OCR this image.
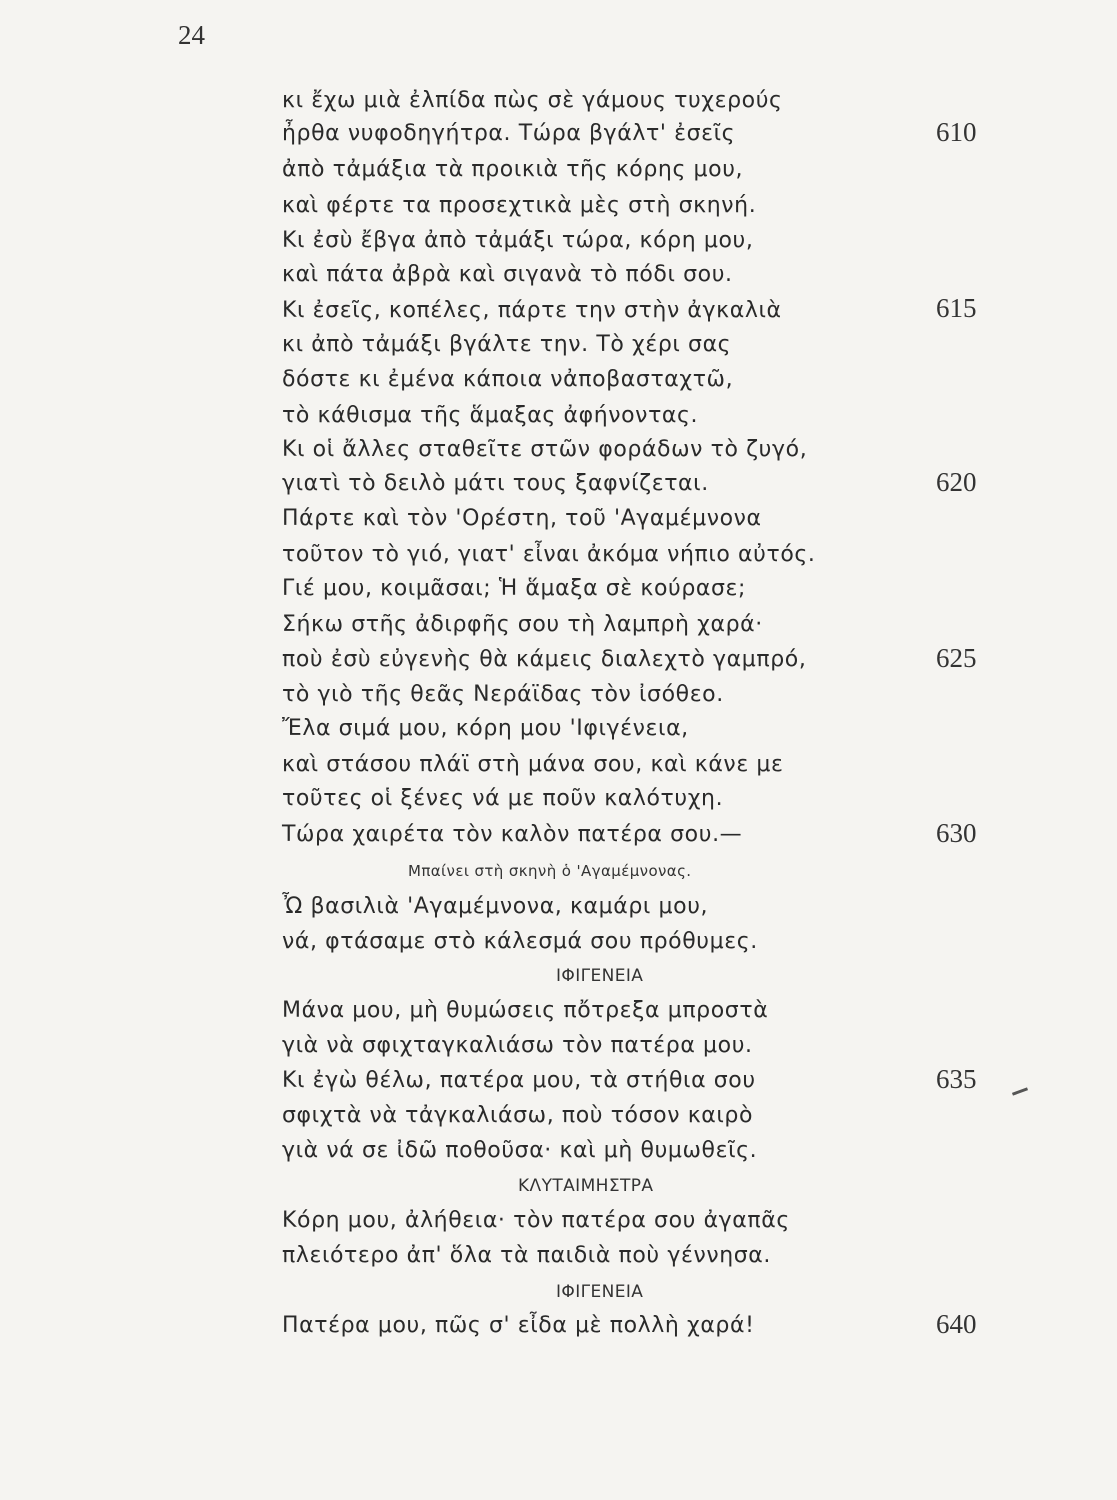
24

κι ἔχω μιὰ ἐλπίδα πὼς σὲ γάμους τυχερούς
ἦρθα νυφοδηγήτρα. Τώρα βγάλτ' ἐσεῖς
ἀπὸ τἀμάξια τὰ προικιὰ τῆς κόρης μου,
καὶ φέρτε τα προσεχτικὰ μὲς στὴ σκηνή.
Κι ἐσὺ ἔβγα ἀπὸ τἀμάξι τώρα, κόρη μου,
καὶ πάτα ἀβρὰ καὶ σιγανὰ τὸ πόδι σου.
Κι ἐσεῖς, κοπέλες, πάρτε την στὴν ἀγκαλιὰ
κι ἀπὸ τἀμάξι βγάλτε την. Τὸ χέρι σας
δόστε κι ἐμένα κάποια νἀποβασταχτῶ,
τὸ κάθισμα τῆς ἅμαξας ἀφήνοντας.
Κι οἱ ἄλλες σταθεῖτε στῶν φοράδων τὸ ζυγό,
γιατὶ τὸ δειλὸ μάτι τους ξαφνίζεται.
Πάρτε καὶ τὸν 'Ορέστη, τοῦ 'Αγαμέμνονα
τοῦτον τὸ γιό, γιατ' εἶναι ἀκόμα νήπιο αὐτός.
Γιέ μου, κοιμᾶσαι; Ἡ ἅμαξα σὲ κούρασε;
Σήκω στῆς ἀδιρφῆς σου τὴ λαμπρὴ χαρά·
ποὺ ἐσὺ εὐγενὴς θὰ κάμεις διαλεχτὸ γαμπρό,
τὸ γιὸ τῆς θεᾶς Νεράϊδας τὸν ἰσόθεο.
Ἔλα σιμά μου, κόρη μου 'Ιφιγένεια,
καὶ στάσου πλάϊ στὴ μάνα σου, καὶ κάνε με
τοῦτες οἱ ξένες νά με ποῦν καλότυχη.
Τώρα χαιρέτα τὸν καλὸν πατέρα σου.—
Μπαίνει στὴ σκηνὴ ὁ 'Αγαμέμνονας.
Ὦ βασιλιὰ 'Αγαμέμνονα, καμάρι μου,
νά, φτάσαμε στὸ κάλεσμά σου πρόθυμες.
ΙΦΙΓΕΝΕΙΑ
Μάνα μου, μὴ θυμώσεις πὄτρεξα μπροστὰ
γιὰ νὰ σφιχταγκαλιάσω τὸν πατέρα μου.
Κι ἐγὼ θέλω, πατέρα μου, τὰ στήθια σου
σφιχτὰ νὰ τἀγκαλιάσω, ποὺ τόσον καιρὸ
γιὰ νά σε ἰδῶ ποθοῦσα· καὶ μὴ θυμωθεῖς.
ΚΛΥΤΑΙΜΗΣΤΡΑ
Κόρη μου, ἀλήθεια· τὸν πατέρα σου ἀγαπᾶς
πλειότερο ἀπ' ὅλα τὰ παιδιὰ ποὺ γέννησα.
ΙΦΙΓΕΝΕΙΑ
Πατέρα μου, πῶς σ' εἶδα μὲ πολλὴ χαρά!
610
615
620
625
630
635
640
